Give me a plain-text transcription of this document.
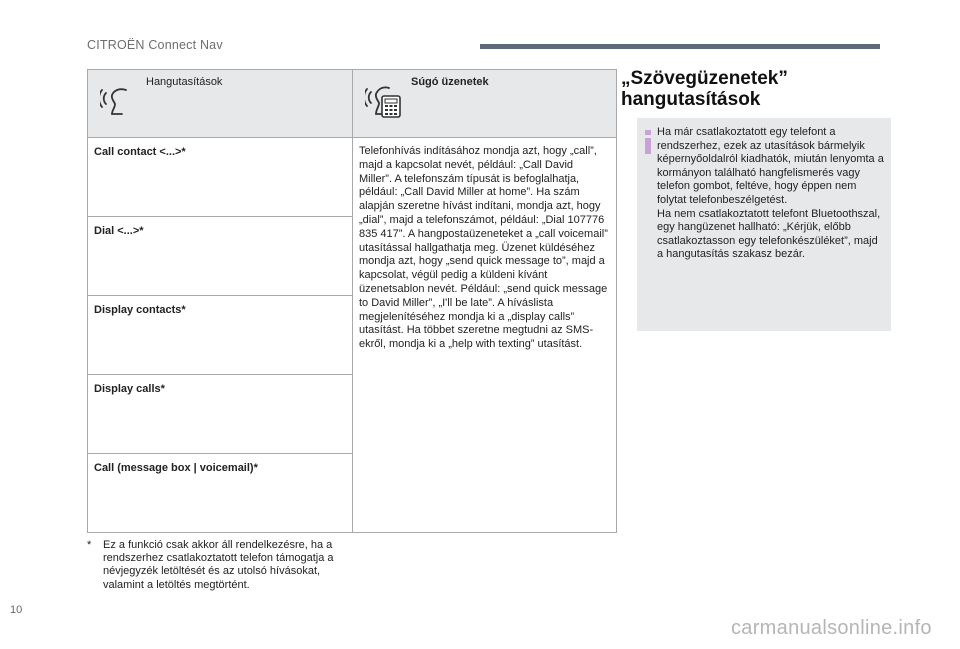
CITROËN Connect Nav
Hangutasítások	Súgó üzenetek

Call contact <...>*	Telefonhívás indításához mondja azt, hogy „call”, majd a kapcsolat nevét, például: „Call David Miller”. A telefonszám típusát is befoglalhatja, például: „Call David Miller at home”. Ha szám alapján szeretne hívást indítani, mondja azt, hogy „dial”, majd a telefonszámot, például: „Dial 107776 835 417”. A hangpostaüzeneteket a „call voicemail” utasítással hallgathatja meg. Üzenet küldéséhez mondja azt, hogy „send quick message to”, majd a kapcsolat, végül pedig a küldeni kívánt üzenetsablon nevét. Például: „send quick message to David Miller”, „I'll be late”. A híváslista megjelenítéséhez mondja ki a „display calls” utasítást. Ha többet szeretne megtudni az SMS-ekről, mondja ki a „help with texting” utasítást.

Dial <...>*	

Display contacts*	

Display calls*	

Call (message box | voicemail)*	
* Ez a funkció csak akkor áll rendelkezésre, ha a rendszerhez csatlakoztatott telefon támogatja a névjegyzék letöltését és az utolsó hívásokat, valamint a letöltés megtörtént.
„Szövegüzenetek”
hangutasítások
Ha már csatlakoztatott egy telefont a rendszerhez, ezek az utasítások bármelyik képernyőoldalról kiadhatók, miután lenyomta a kormányon található hangfelismerés vagy telefon gombot, feltéve, hogy éppen nem folytat telefonbeszélgetést.
Ha nem csatlakoztatott telefont Bluetoothszal, egy hangüzenet hallható: „Kérjük, előbb csatlakoztasson egy telefonkészüléket”, majd a hangutasítás szakasz bezár.
10
carmanualsonline.info
